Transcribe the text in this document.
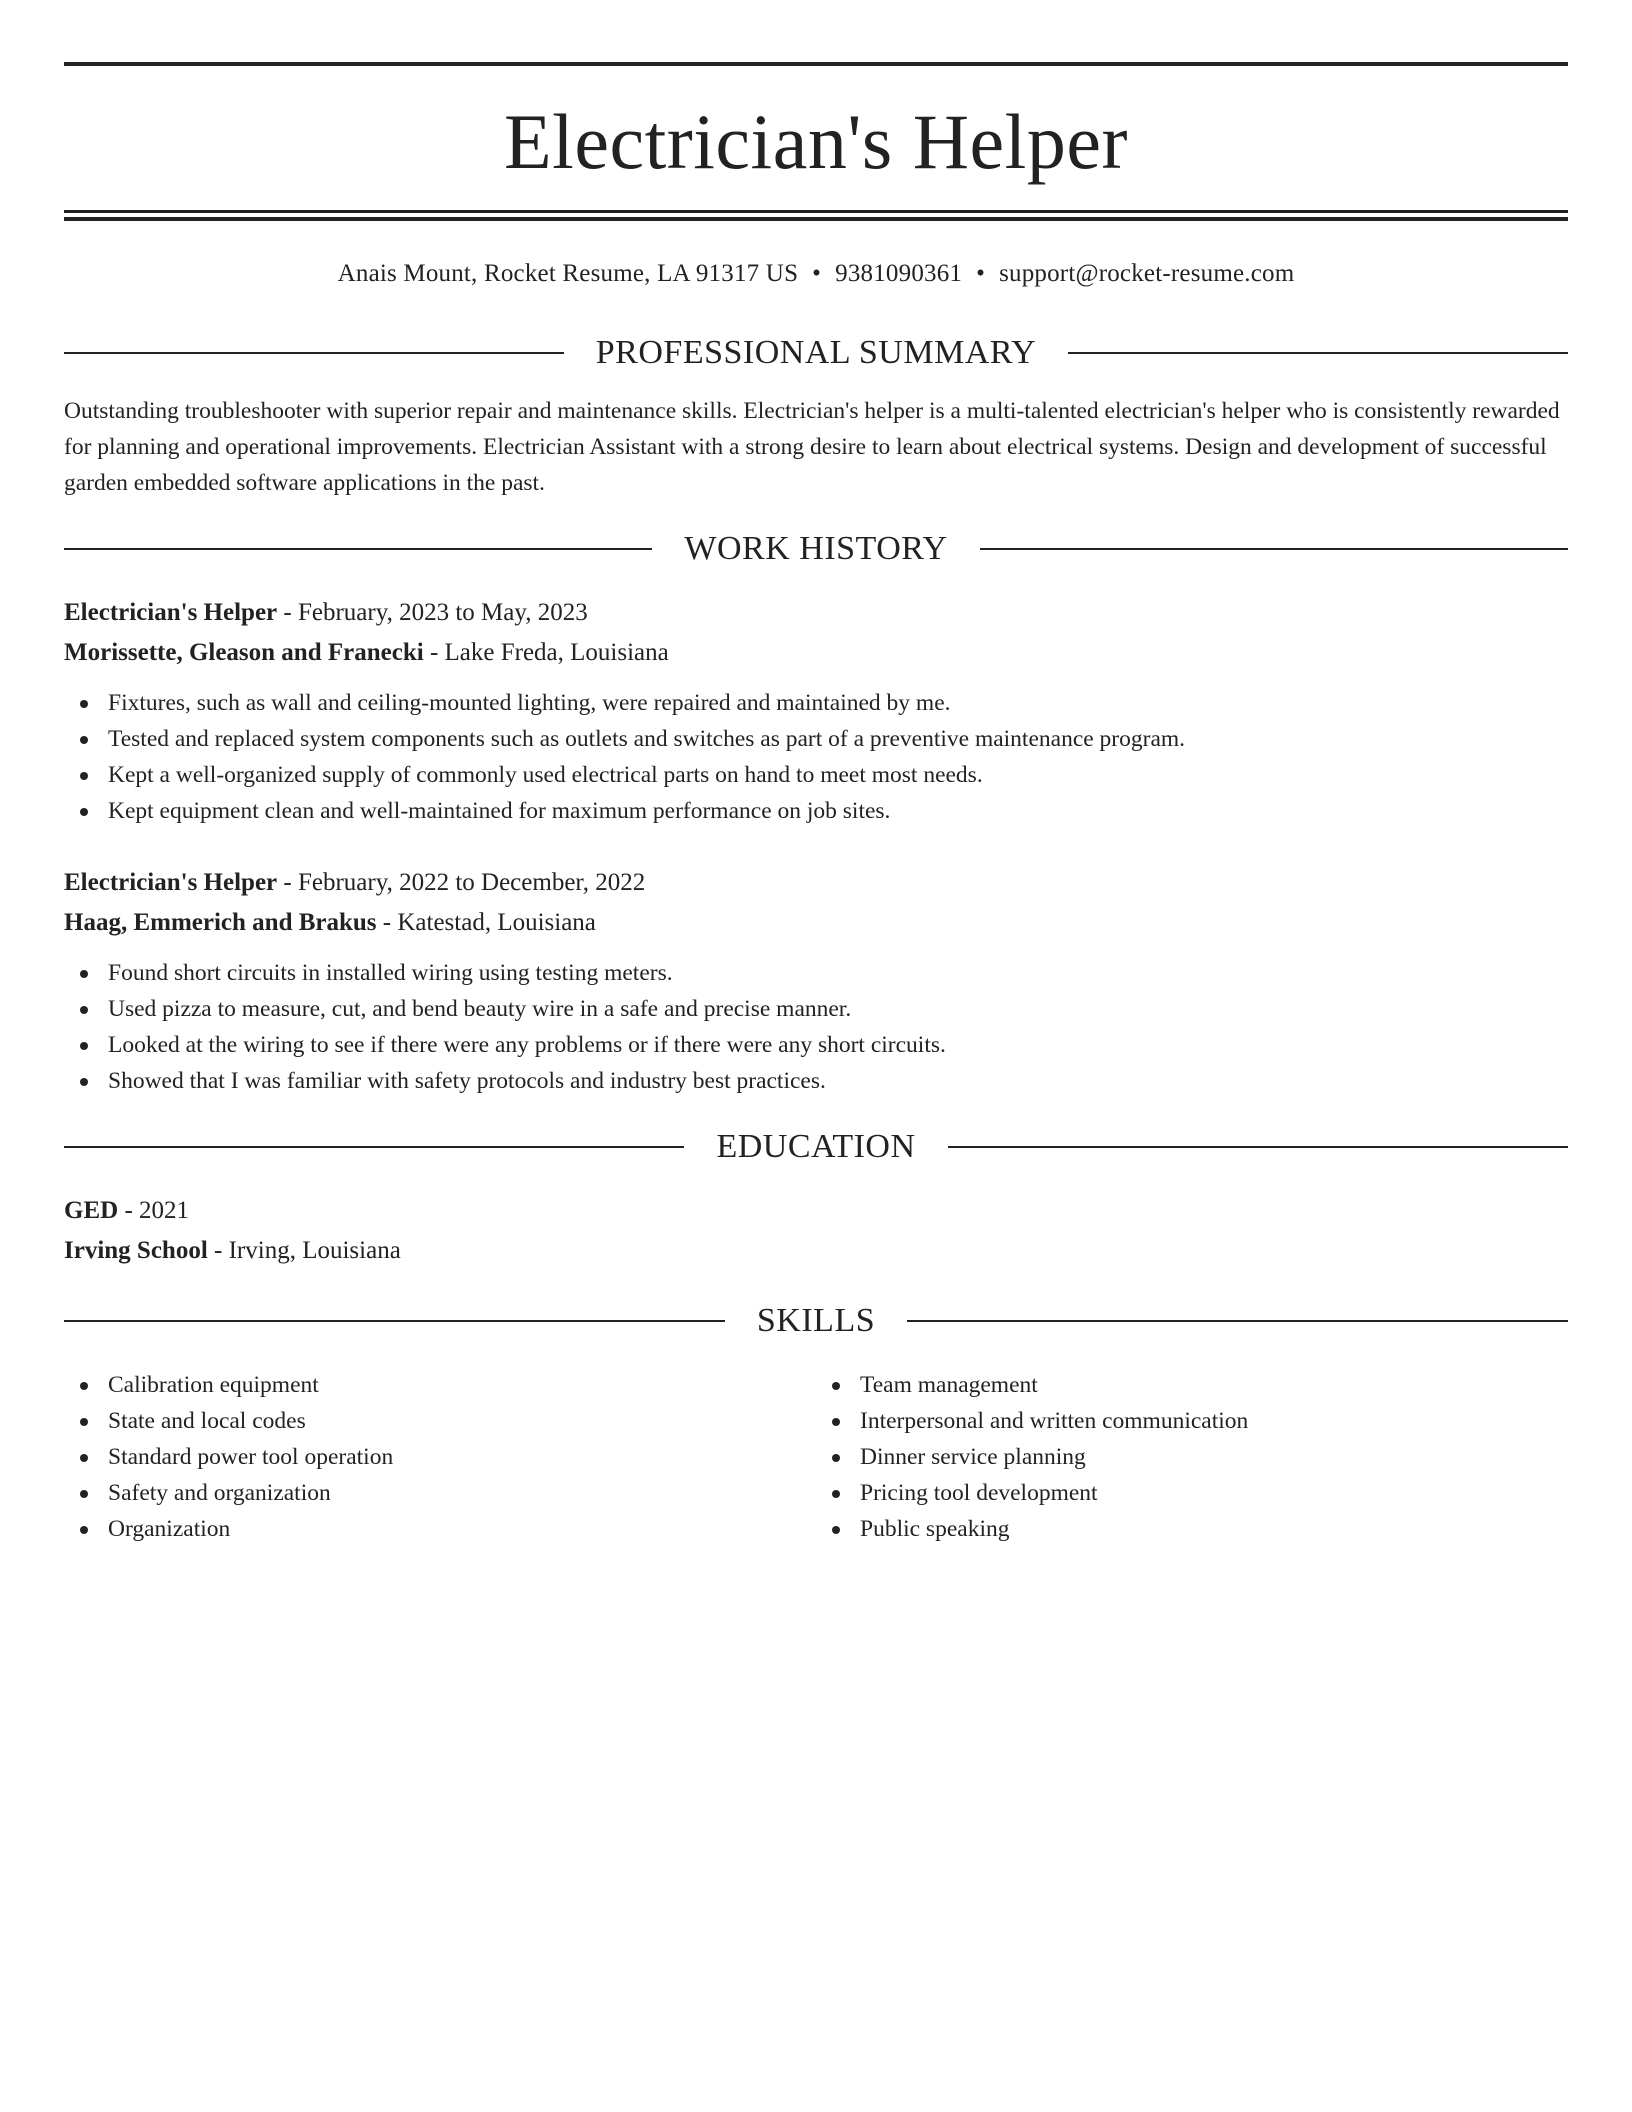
Electrician's Helper
Anais Mount, Rocket Resume, LA 91317 US • 9381090361 • support@rocket-resume.com
PROFESSIONAL SUMMARY

Outstanding troubleshooter with superior repair and maintenance skills. Electrician's helper is a multi-talented electrician's helper who is consistently rewarded for planning and operational improvements. Electrician Assistant with a strong desire to learn about electrical systems. Design and development of successful garden embedded software applications in the past.

WORK HISTORY
Electrician's Helper - February, 2023 to May, 2023
Morissette, Gleason and Franecki - Lake Freda, Louisiana
Fixtures, such as wall and ceiling-mounted lighting, were repaired and maintained by me.
Tested and replaced system components such as outlets and switches as part of a preventive maintenance program.
Kept a well-organized supply of commonly used electrical parts on hand to meet most needs.
Kept equipment clean and well-maintained for maximum performance on job sites.
Electrician's Helper - February, 2022 to December, 2022
Haag, Emmerich and Brakus - Katestad, Louisiana
Found short circuits in installed wiring using testing meters.
Used pizza to measure, cut, and bend beauty wire in a safe and precise manner.
Looked at the wiring to see if there were any problems or if there were any short circuits.
Showed that I was familiar with safety protocols and industry best practices.
EDUCATION
GED - 2021
Irving School - Irving, Louisiana
SKILLS
Calibration equipment
State and local codes
Standard power tool operation
Safety and organization
Organization
Team management
Interpersonal and written communication
Dinner service planning
Pricing tool development
Public speaking
